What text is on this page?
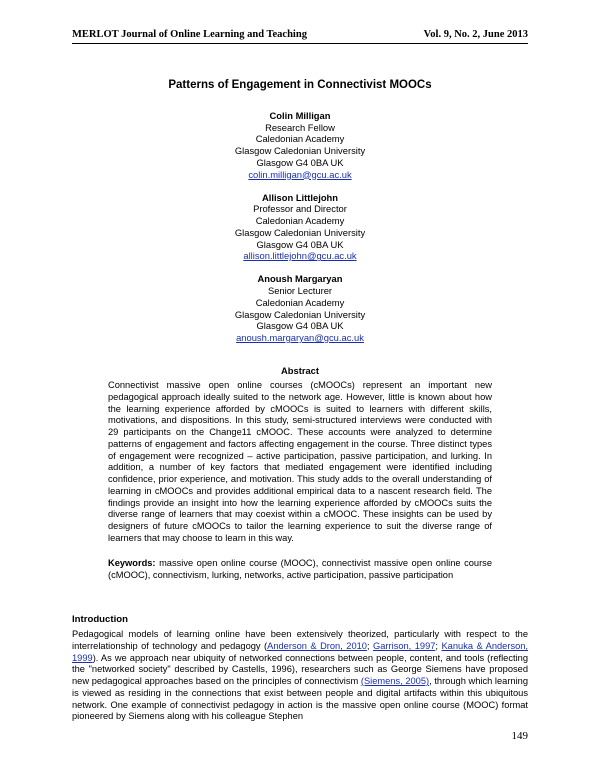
MERLOT Journal of Online Learning and Teaching	Vol. 9, No. 2, June 2013
Patterns of Engagement in Connectivist MOOCs
Colin Milligan
Research Fellow
Caledonian Academy
Glasgow Caledonian University
Glasgow G4 0BA UK
colin.milligan@gcu.ac.uk
Allison Littlejohn
Professor and Director
Caledonian Academy
Glasgow Caledonian University
Glasgow G4 0BA UK
allison.littlejohn@gcu.ac.uk
Anoush Margaryan
Senior Lecturer
Caledonian Academy
Glasgow Caledonian University
Glasgow G4 0BA UK
anoush.margaryan@gcu.ac.uk
Abstract

Connectivist massive open online courses (cMOOCs) represent an important new pedagogical approach ideally suited to the network age. However, little is known about how the learning experience afforded by cMOOCs is suited to learners with different skills, motivations, and dispositions. In this study, semi-structured interviews were conducted with 29 participants on the Change11 cMOOC. These accounts were analyzed to determine patterns of engagement and factors affecting engagement in the course. Three distinct types of engagement were recognized – active participation, passive participation, and lurking. In addition, a number of key factors that mediated engagement were identified including confidence, prior experience, and motivation. This study adds to the overall understanding of learning in cMOOCs and provides additional empirical data to a nascent research field. The findings provide an insight into how the learning experience afforded by cMOOCs suits the diverse range of learners that may coexist within a cMOOC. These insights can be used by designers of future cMOOCs to tailor the learning experience to suit the diverse range of learners that may choose to learn in this way.

Keywords: massive open online course (MOOC), connectivist massive open online course (cMOOC), connectivism, lurking, networks, active participation, passive participation

Introduction

Pedagogical models of learning online have been extensively theorized, particularly with respect to the interrelationship of technology and pedagogy (Anderson & Dron, 2010; Garrison, 1997; Kanuka & Anderson, 1999). As we approach near ubiquity of networked connections between people, content, and tools (reflecting the "networked society" described by Castells, 1996), researchers such as George Siemens have proposed new pedagogical approaches based on the principles of connectivism (Siemens, 2005), through which learning is viewed as residing in the connections that exist between people and digital artifacts within this ubiquitous network. One example of connectivist pedagogy in action is the massive open online course (MOOC) format pioneered by Siemens along with his colleague Stephen

149
